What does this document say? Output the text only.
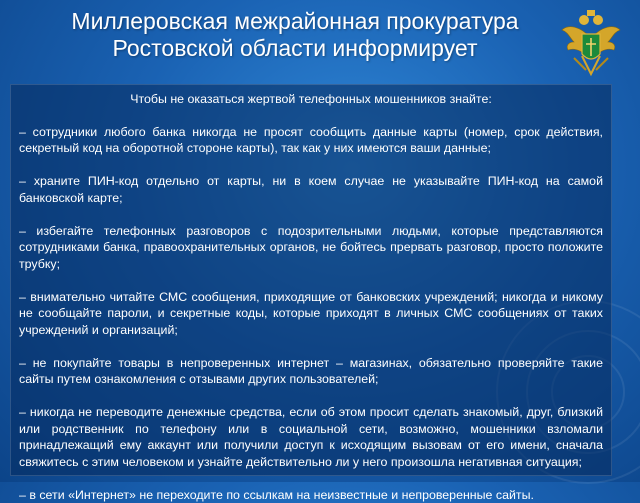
Миллеровская межрайонная прокуратура
Ростовской области информирует
Чтобы не оказаться жертвой телефонных мошенников знайте:
– сотрудники любого банка никогда не просят сообщить данные карты (номер, срок действия, секретный код на оборотной стороне карты), так как у них имеются ваши данные;
– храните ПИН-код отдельно от карты, ни в коем случае не указывайте ПИН-код на самой банковской карте;
– избегайте телефонных разговоров с подозрительными людьми, которые представляются сотрудниками банка, правоохранительных органов, не бойтесь прервать разговор, просто положите трубку;
– внимательно читайте СМС сообщения, приходящие от банковских учреждений; никогда и никому не сообщайте пароли, и секретные коды, которые приходят в личных СМС сообщениях от таких учреждений и организаций;
– не покупайте товары в непроверенных интернет – магазинах, обязательно проверяйте такие сайты путем ознакомления с отзывами других пользователей;
– никогда не переводите денежные средства, если об этом просит сделать знакомый, друг, близкий или родственник по телефону или в социальной сети, возможно, мошенники взломали принадлежащий ему аккаунт или получили доступ к исходящим вызовам от его имени, сначала свяжитесь с этим человеком и узнайте действительно ли у него произошла негативная ситуация;
– в сети «Интернет» не переходите по ссылкам на неизвестные и непроверенные сайты.
